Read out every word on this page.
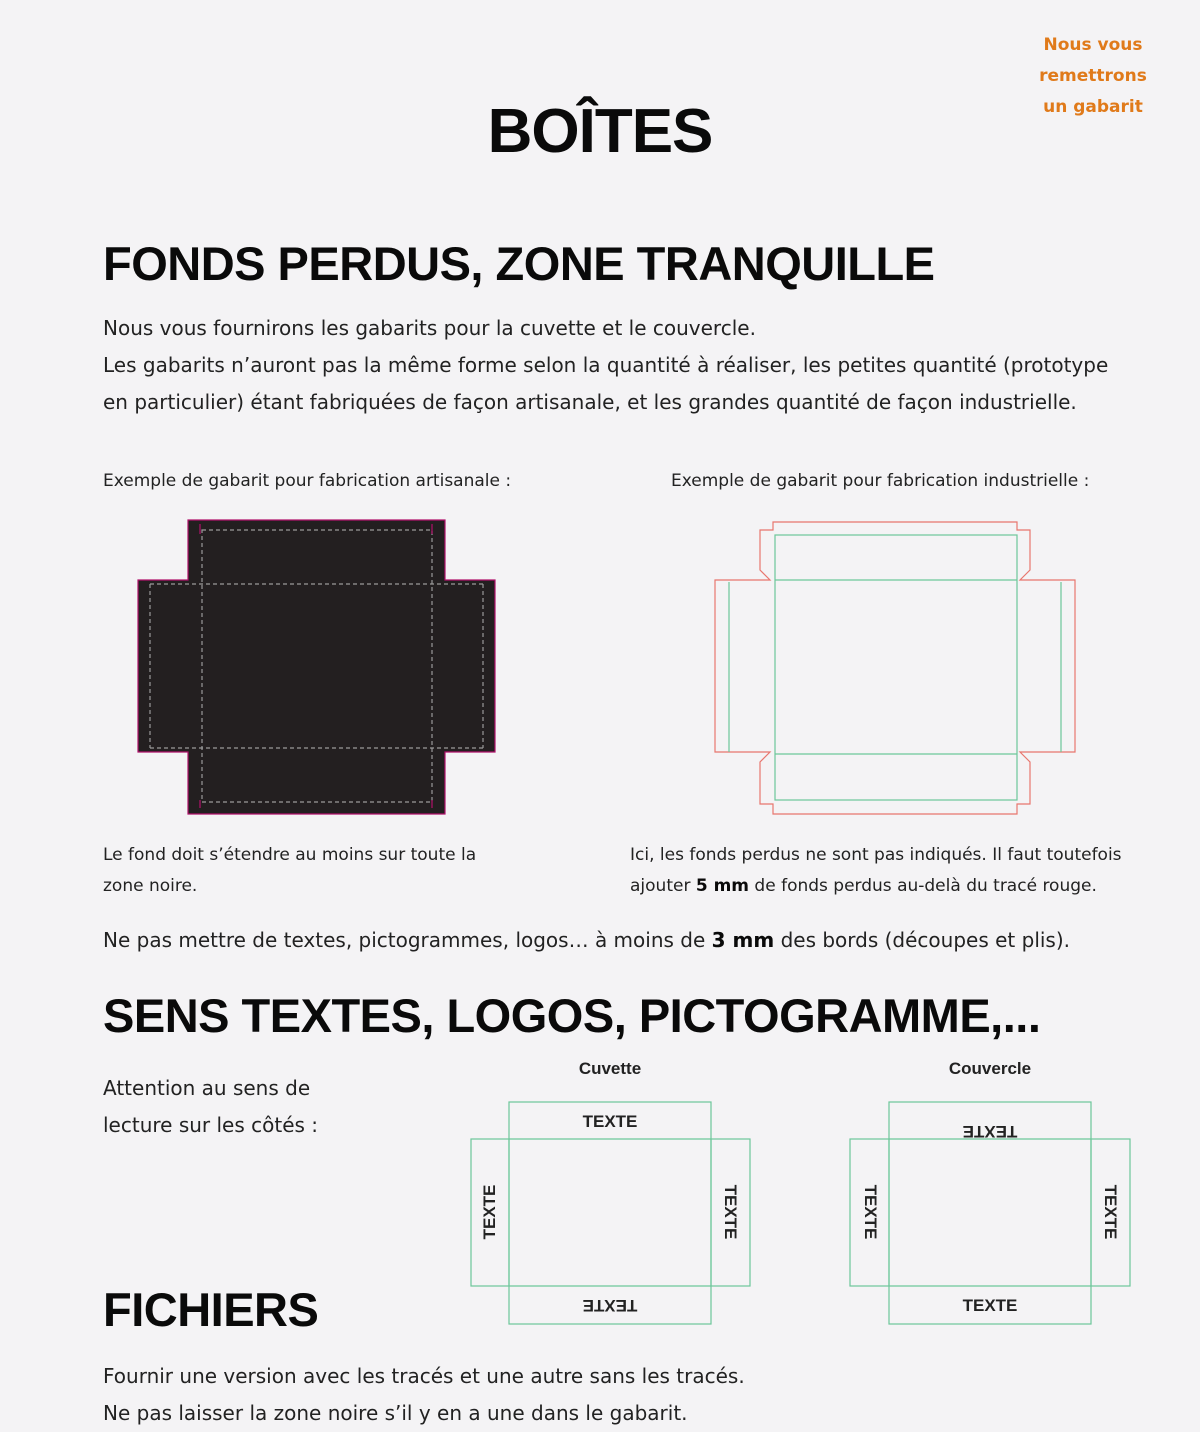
Nous vous
remettrons
un gabarit
BOÎTES
FONDS PERDUS, ZONE TRANQUILLE
Nous vous fournirons les gabarits pour la cuvette et le couvercle.
Les gabarits n’auront pas la même forme selon la quantité à réaliser, les petites quantité (prototype en particulier) étant fabriquées de façon artisanale, et les grandes quantité de façon industrielle.
Exemple de gabarit pour fabrication artisanale :	Exemple de gabarit pour fabrication industrielle :
Le fond doit s’étendre au moins sur toute la zone noire.
Ici, les fonds perdus ne sont pas indiqués. Il faut toutefois ajouter 5 mm de fonds perdus au-delà du tracé rouge.
Ne pas mettre de textes, pictogrammes, logos… à moins de 3 mm des bords (découpes et plis).
SENS TEXTES, LOGOS, PICTOGRAMME,...
Attention au sens de lecture sur les côtés :
Cuvette
TEXTE
TEXTE
TEXTE	TEXTE
Couvercle
TEXTE
TEXTE
TEXTE	TEXTE
FICHIERS
Fournir une version avec les tracés et une autre sans les tracés.
Ne pas laisser la zone noire s’il y en a une dans le gabarit.
